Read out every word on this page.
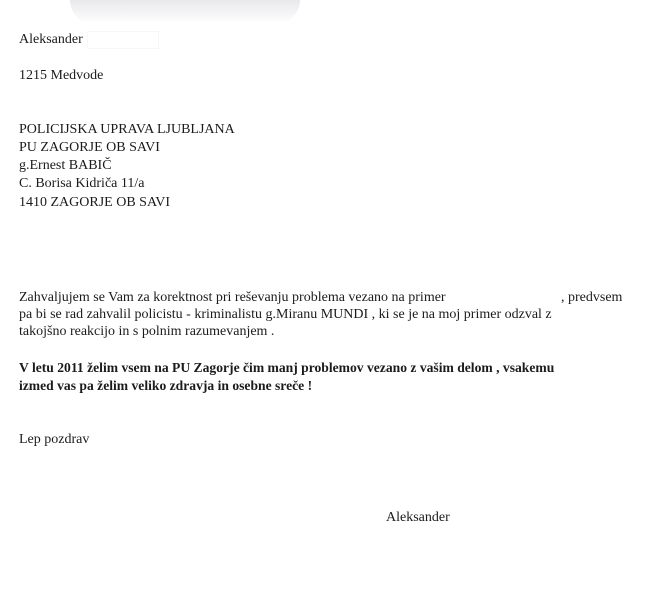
Aleksander
1215 Medvode
POLICIJSKA UPRAVA LJUBLJANA
PU ZAGORJE OB SAVI
g.Ernest BABIČ
C. Borisa Kidriča 11/a
1410 ZAGORJE OB SAVI
Zahvaljujem se Vam za korektnost pri reševanju problema vezano na primer	, predvsem
pa bi se rad zahvalil policistu - kriminalistu g.Miranu MUNDI , ki se je na moj primer odzval z
takojšno reakcijo in s polnim razumevanjem .
V letu 2011 želim vsem na PU Zagorje čim manj problemov vezano z vašim delom , vsakemu
izmed vas pa želim veliko zdravja in osebne sreče !
Lep pozdrav
Aleksander
